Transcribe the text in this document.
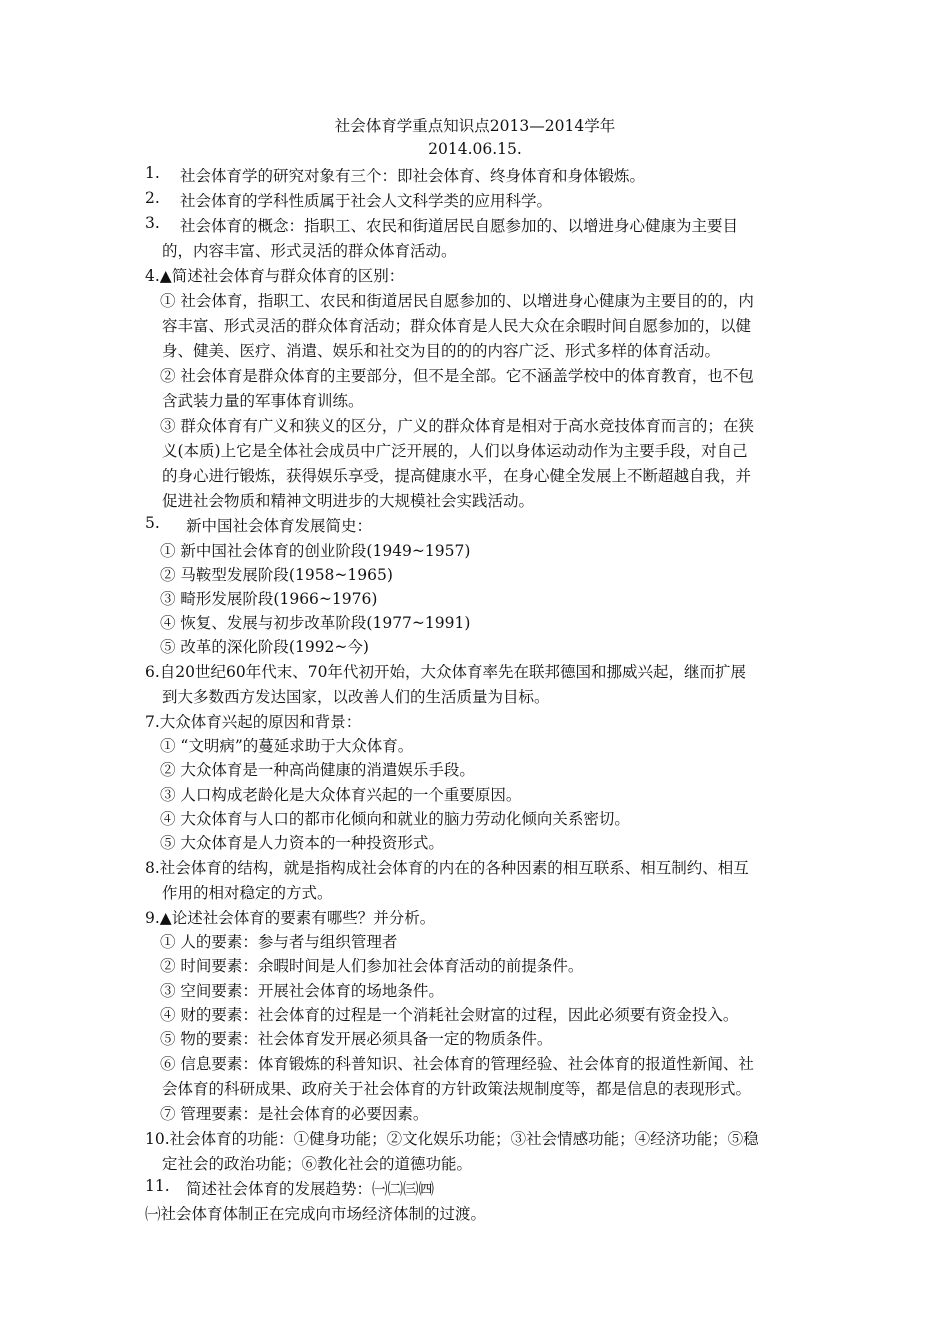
社会体育学重点知识点2013—2014学年
2014.06.15.
1. 社会体育学的研究对象有三个：即社会体育、终身体育和身体锻炼。
2. 社会体育的学科性质属于社会人文科学类的应用科学。
3. 社会体育的概念：指职工、农民和街道居民自愿参加的、以增进身心健康为主要目
的，内容丰富、形式灵活的群众体育活动。
4.▲简述社会体育与群众体育的区别：
① 社会体育，指职工、农民和街道居民自愿参加的、以增进身心健康为主要目的的，内
容丰富、形式灵活的群众体育活动；群众体育是人民大众在余暇时间自愿参加的，以健
身、健美、医疗、消遣、娱乐和社交为目的的的内容广泛、形式多样的体育活动。
② 社会体育是群众体育的主要部分，但不是全部。它不涵盖学校中的体育教育，也不包
含武装力量的军事体育训练。
③ 群众体育有广义和狭义的区分，广义的群众体育是相对于高水竞技体育而言的；在狭
义(本质)上它是全体社会成员中广泛开展的，人们以身体运动动作为主要手段，对自己
的身心进行锻炼，获得娱乐享受，提高健康水平，在身心健全发展上不断超越自我，并
促进社会物质和精神文明进步的大规模社会实践活动。
5. 新中国社会体育发展简史：
① 新中国社会体育的创业阶段(1949~1957)
② 马鞍型发展阶段(1958~1965)
③ 畸形发展阶段(1966~1976)
④ 恢复、发展与初步改革阶段(1977~1991)
⑤ 改革的深化阶段(1992~今)
6.自20世纪60年代末、70年代初开始，大众体育率先在联邦德国和挪威兴起，继而扩展
到大多数西方发达国家，以改善人们的生活质量为目标。
7.大众体育兴起的原因和背景：
① “文明病”的蔓延求助于大众体育。
② 大众体育是一种高尚健康的消遣娱乐手段。
③ 人口构成老龄化是大众体育兴起的一个重要原因。
④ 大众体育与人口的都市化倾向和就业的脑力劳动化倾向关系密切。
⑤ 大众体育是人力资本的一种投资形式。
8.社会体育的结构，就是指构成社会体育的内在的各种因素的相互联系、相互制约、相互
作用的相对稳定的方式。
9.▲论述社会体育的要素有哪些？并分析。
① 人的要素：参与者与组织管理者
② 时间要素：余暇时间是人们参加社会体育活动的前提条件。
③ 空间要素：开展社会体育的场地条件。
④ 财的要素：社会体育的过程是一个消耗社会财富的过程，因此必须要有资金投入。
⑤ 物的要素：社会体育发开展必须具备一定的物质条件。
⑥ 信息要素：体育锻炼的科普知识、社会体育的管理经验、社会体育的报道性新闻、社
会体育的科研成果、政府关于社会体育的方针政策法规制度等，都是信息的表现形式。
⑦ 管理要素：是社会体育的必要因素。
10.社会体育的功能：①健身功能；②文化娱乐功能；③社会情感功能；④经济功能；⑤稳
定社会的政治功能；⑥教化社会的道德功能。
11. 简述社会体育的发展趋势：㈠㈡㈢㈣
㈠社会体育体制正在完成向市场经济体制的过渡。
